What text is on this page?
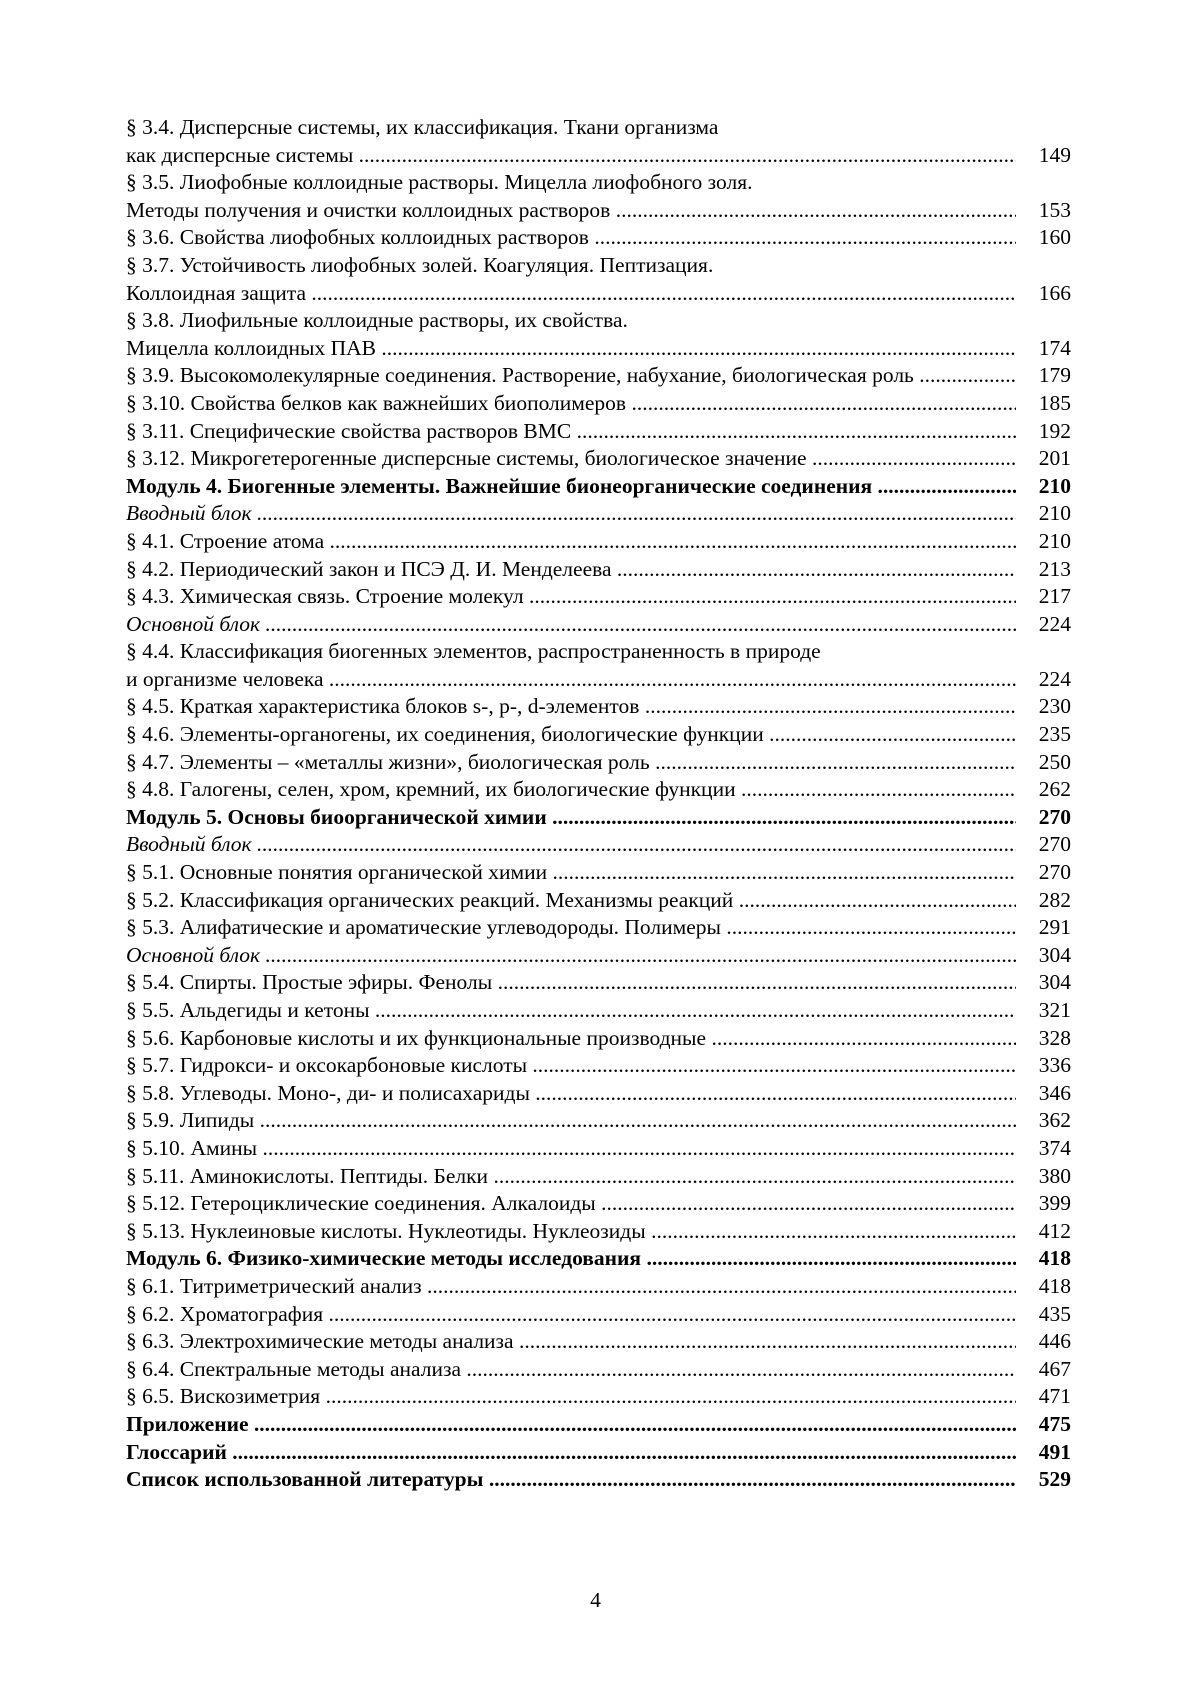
§ 3.4. Дисперсные системы, их классификация. Ткани организма
как дисперсные системы .....	149
§ 3.5. Лиофобные коллоидные растворы. Мицелла лиофобного золя.
Методы получения и очистки коллоидных растворов .....	153
§ 3.6. Свойства лиофобных коллоидных растворов .....	160
§ 3.7. Устойчивость лиофобных золей. Коагуляция. Пептизация.
Коллоидная защита .....	166
§ 3.8. Лиофильные коллоидные растворы, их свойства.
Мицелла коллоидных ПАВ .....	174
§ 3.9. Высокомолекулярные соединения. Растворение, набухание, биологическая роль .....	179
§ 3.10. Свойства белков как важнейших биополимеров .....	185
§ 3.11. Специфические свойства растворов ВМС .....	192
§ 3.12. Микрогетерогенные дисперсные системы, биологическое значение .....	201
Модуль 4. Биогенные элементы. Важнейшие бионеорганические соединения .....	210
Вводный блок .....	210
§ 4.1. Строение атома .....	210
§ 4.2. Периодический закон и ПСЭ Д. И. Менделеева .....	213
§ 4.3. Химическая связь. Строение молекул .....	217
Основной блок .....	224
§ 4.4. Классификация биогенных элементов, распространенность в природе
и организме человека .....	224
§ 4.5. Краткая характеристика блоков s-, p-, d-элементов .....	230
§ 4.6. Элементы-органогены, их соединения, биологические функции .....	235
§ 4.7. Элементы – «металлы жизни», биологическая роль .....	250
§ 4.8. Галогены, селен, хром, кремний, их биологические функции .....	262
Модуль 5. Основы биоорганической химии .....	270
Вводный блок .....	270
§ 5.1. Основные понятия органической химии .....	270
§ 5.2. Классификация органических реакций. Механизмы реакций .....	282
§ 5.3. Алифатические и ароматические углеводороды. Полимеры .....	291
Основной блок .....	304
§ 5.4. Спирты. Простые эфиры. Фенолы .....	304
§ 5.5. Альдегиды и кетоны .....	321
§ 5.6. Карбоновые кислоты и их функциональные производные .....	328
§ 5.7. Гидрокси- и оксокарбоновые кислоты .....	336
§ 5.8. Углеводы. Моно-, ди- и полисахариды .....	346
§ 5.9. Липиды .....	362
§ 5.10. Амины .....	374
§ 5.11. Аминокислоты. Пептиды. Белки .....	380
§ 5.12. Гетероциклические соединения. Алкалоиды .....	399
§ 5.13. Нуклеиновые кислоты. Нуклеотиды. Нуклеозиды .....	412
Модуль 6. Физико-химические методы исследования .....	418
§ 6.1. Титриметрический анализ .....	418
§ 6.2. Хроматография .....	435
§ 6.3. Электрохимические методы анализа .....	446
§ 6.4. Спектральные методы анализа .....	467
§ 6.5. Вискозиметрия .....	471
Приложение .....	475
Глоссарий .....	491
Список использованной литературы .....	529
4
